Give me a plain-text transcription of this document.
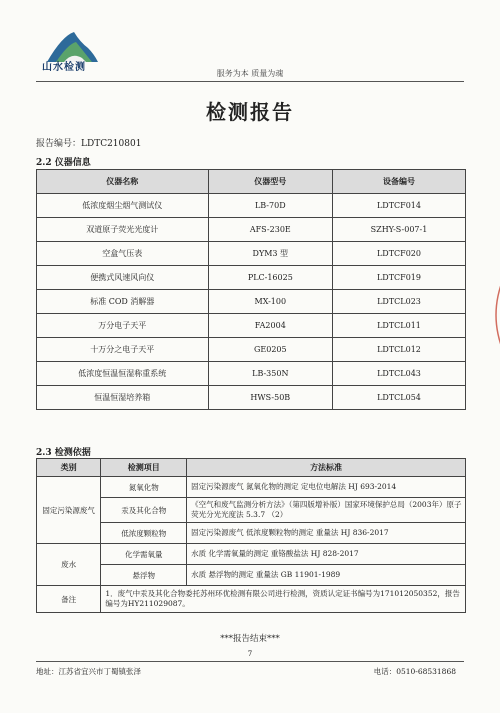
山水检测
服务为本 质量为魂
检测报告
报告编号：LDTC210801
2.2 仪器信息
仪器名称	仪器型号	设备编号
低浓度烟尘烟气测试仪	LB-70D	LDTCF014
双道原子荧光光度计	AFS-230E	SZHY-S-007-1
空盒气压表	DYM3 型	LDTCF020
便携式风速风向仪	PLC-16025	LDTCF019
标准 COD 消解器	MX-100	LDTCL023
万分电子天平	FA2004	LDTCL011
十万分之电子天平	GE0205	LDTCL012
低浓度恒温恒湿称重系统	LB-350N	LDTCL043
恒温恒湿培养箱	HWS-50B	LDTCL054
2.3 检测依据
类别	检测项目	方法标准
固定污染源废气	氮氧化物	固定污染源废气 氮氧化物的测定 定电位电解法 HJ 693-2014
	汞及其化合物	《空气和废气监测分析方法》（第四版增补版）国家环境保护总局（2003年）原子荧光分光光度法 5.3.7 （2）
	低浓度颗粒物	固定污染源废气 低浓度颗粒物的测定 重量法 HJ 836-2017
废水	化学需氧量	水质 化学需氧量的测定 重铬酸盐法 HJ 828-2017
	悬浮物	水质 悬浮物的测定 重量法 GB 11901-1989
备注	1．废气中汞及其化合物委托苏州环优检测有限公司进行检测，资质认定证书编号为171012050352，报告编号为HY211029087。	
***报告结束***
7
地址：江苏省宜兴市丁蜀镇张泽	电话：0510-68531868
